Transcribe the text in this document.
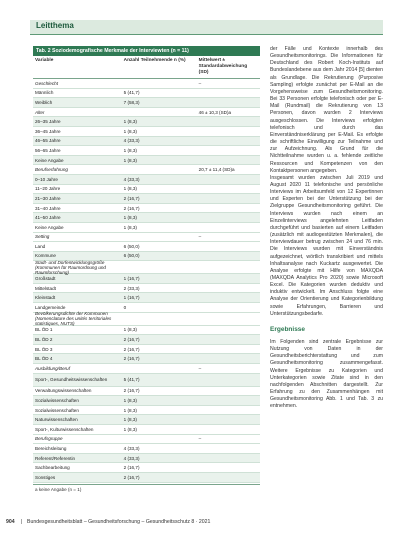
Leitthema
Tab. 2 Soziodemografische Merkmale der Interviewten (n = 11)
Variable	Anzahl Teilnehmende n (%)	Mittelwert ± Standardabweichung (SD)
Geschlecht	–
Männlich	5 (41,7)
Weiblich	7 (58,3)
Alter	46 ± 10,3 (SD)a
26–35 Jahre	1 (8,3)
36–45 Jahre	1 (8,3)
46–55 Jahre	4 (33,3)
56–65 Jahre	1 (8,3)
Keine Angabe	1 (8,3)
Berufserfahrung	20,7 ± 11,4 (SD)a
0–10 Jahre	4 (33,3)
11–20 Jahre	1 (8,3)
21–30 Jahre	2 (16,7)
31–40 Jahre	2 (16,7)
41–50 Jahre	1 (8,3)
Keine Angabe	1 (8,3)
Setting	–
Land	6 (50,0)
Kommune	6 (50,0)
Stadt- und Dorfentwicklungsgröße (Kommunen für Raumordnung und Raumforschung)
Großstadt	1 (16,7)
Mittelstadt	2 (33,3)
Kleinstadt	1 (16,7)
Landgemeinde	0
Bevölkerungsdichte der Kommunen (Nomenclature des unités territoriales statistiques, NUTS)
BL ÖD 1	1 (8,3)
BL ÖD 2	2 (16,7)
BL ÖD 3	2 (16,7)
BL ÖD 4	2 (16,7)
Ausbildung/Beruf	–
Sport-, Gesundheitswissenschaften	5 (41,7)
Verwaltungswissenschaften	2 (16,7)
Sozialwissenschaften	1 (8,3)
Sozialwissenschaften	1 (8,3)
Naturwissenschaften	1 (8,3)
Sport-, Kulturwissenschaften	1 (8,3)
Berufsgruppe	–
Bereichsleitung	4 (33,3)
Referent/Referentin	4 (33,3)
Sachbearbeitung	2 (16,7)
Sonstiges	2 (16,7)
a keine Angabe (n = 1)

der Fälle und Kontexte innerhalb des Gesundheitsmonitorings. Die Informationen für Deutschland des Robert Koch-Instituts auf Bundeslandebene aus dem Jahr 2014 [5] dienten als Grundlage. Die Rekrutierung (Purposive Sampling) erfolgte zunächst per E-Mail an die Vorgehensweise zum Gesundheitsmonitoring. Bei 33 Personen erfolgte telefonisch oder per E-Mail (Rundmail) die Rekrutierung von 13 Personen, davon wurden 2 Interviews ausgeschlossen. Die Interviews erfolgten telefonisch und durch das Einverständniserklärung per E-Mail. Es erfolgte die schriftliche Einwilligung zur Teilnahme und zur Aufzeichnung. Als Grund für die Nichtteilnahme wurden u. a. fehlende zeitliche Ressourcen und Kompetenzen von den Kontaktpersonen angegeben.

Insgesamt wurden zwischen Juli 2019 und August 2020 11 telefonische und persönliche Interviews im Arbeitsumfeld von 12 Expertinnen und Experten bei der Unterstützung bei der Zielgruppe Gesundheitsmonitoring geführt. Die Interviews wurden nach einem an Einzelinterviews angelehnten Leitfaden durchgeführt und basierten auf einem Leitfaden (zusätzlich mit audiogestützten Merkmalen), die Interviewdauer betrug zwischen 24 und 76 min. Die Interviews wurden mit Einverständnis aufgezeichnet, wörtlich transkribiert und mittels Inhaltsanalyse nach Kuckartz ausgewertet. Die Analyse erfolgte mit Hilfe von MAXQDA (MAXQDA Analytics Pro 2020) sowie Microsoft Excel. Die Kategorien wurden deduktiv und induktiv entwickelt. Im Anschluss folgte eine Analyse der Orientierung und Kategorienbildung sowie Erfahrungen, Barrieren und Unterstützungsbedarfe.

Ergebnisse

Im Folgenden sind zentrale Ergebnisse zur Nutzung von Daten in der Gesundheitsberichterstattung und zum Gesundheitsmonitoring zusammengefasst. Weitere Ergebnisse zu Kategorien und Unterkategorien sowie Zitate sind in den nachfolgenden Abschnitten dargestellt. Zur Erfahrung zu den Zusammenhängen mit Gesundheitsmonitoring Abb. 1 und Tab. 3 zu entnehmen.

904 | Bundesgesundheitsblatt – Gesundheitsforschung – Gesundheitsschutz 8 · 2021
